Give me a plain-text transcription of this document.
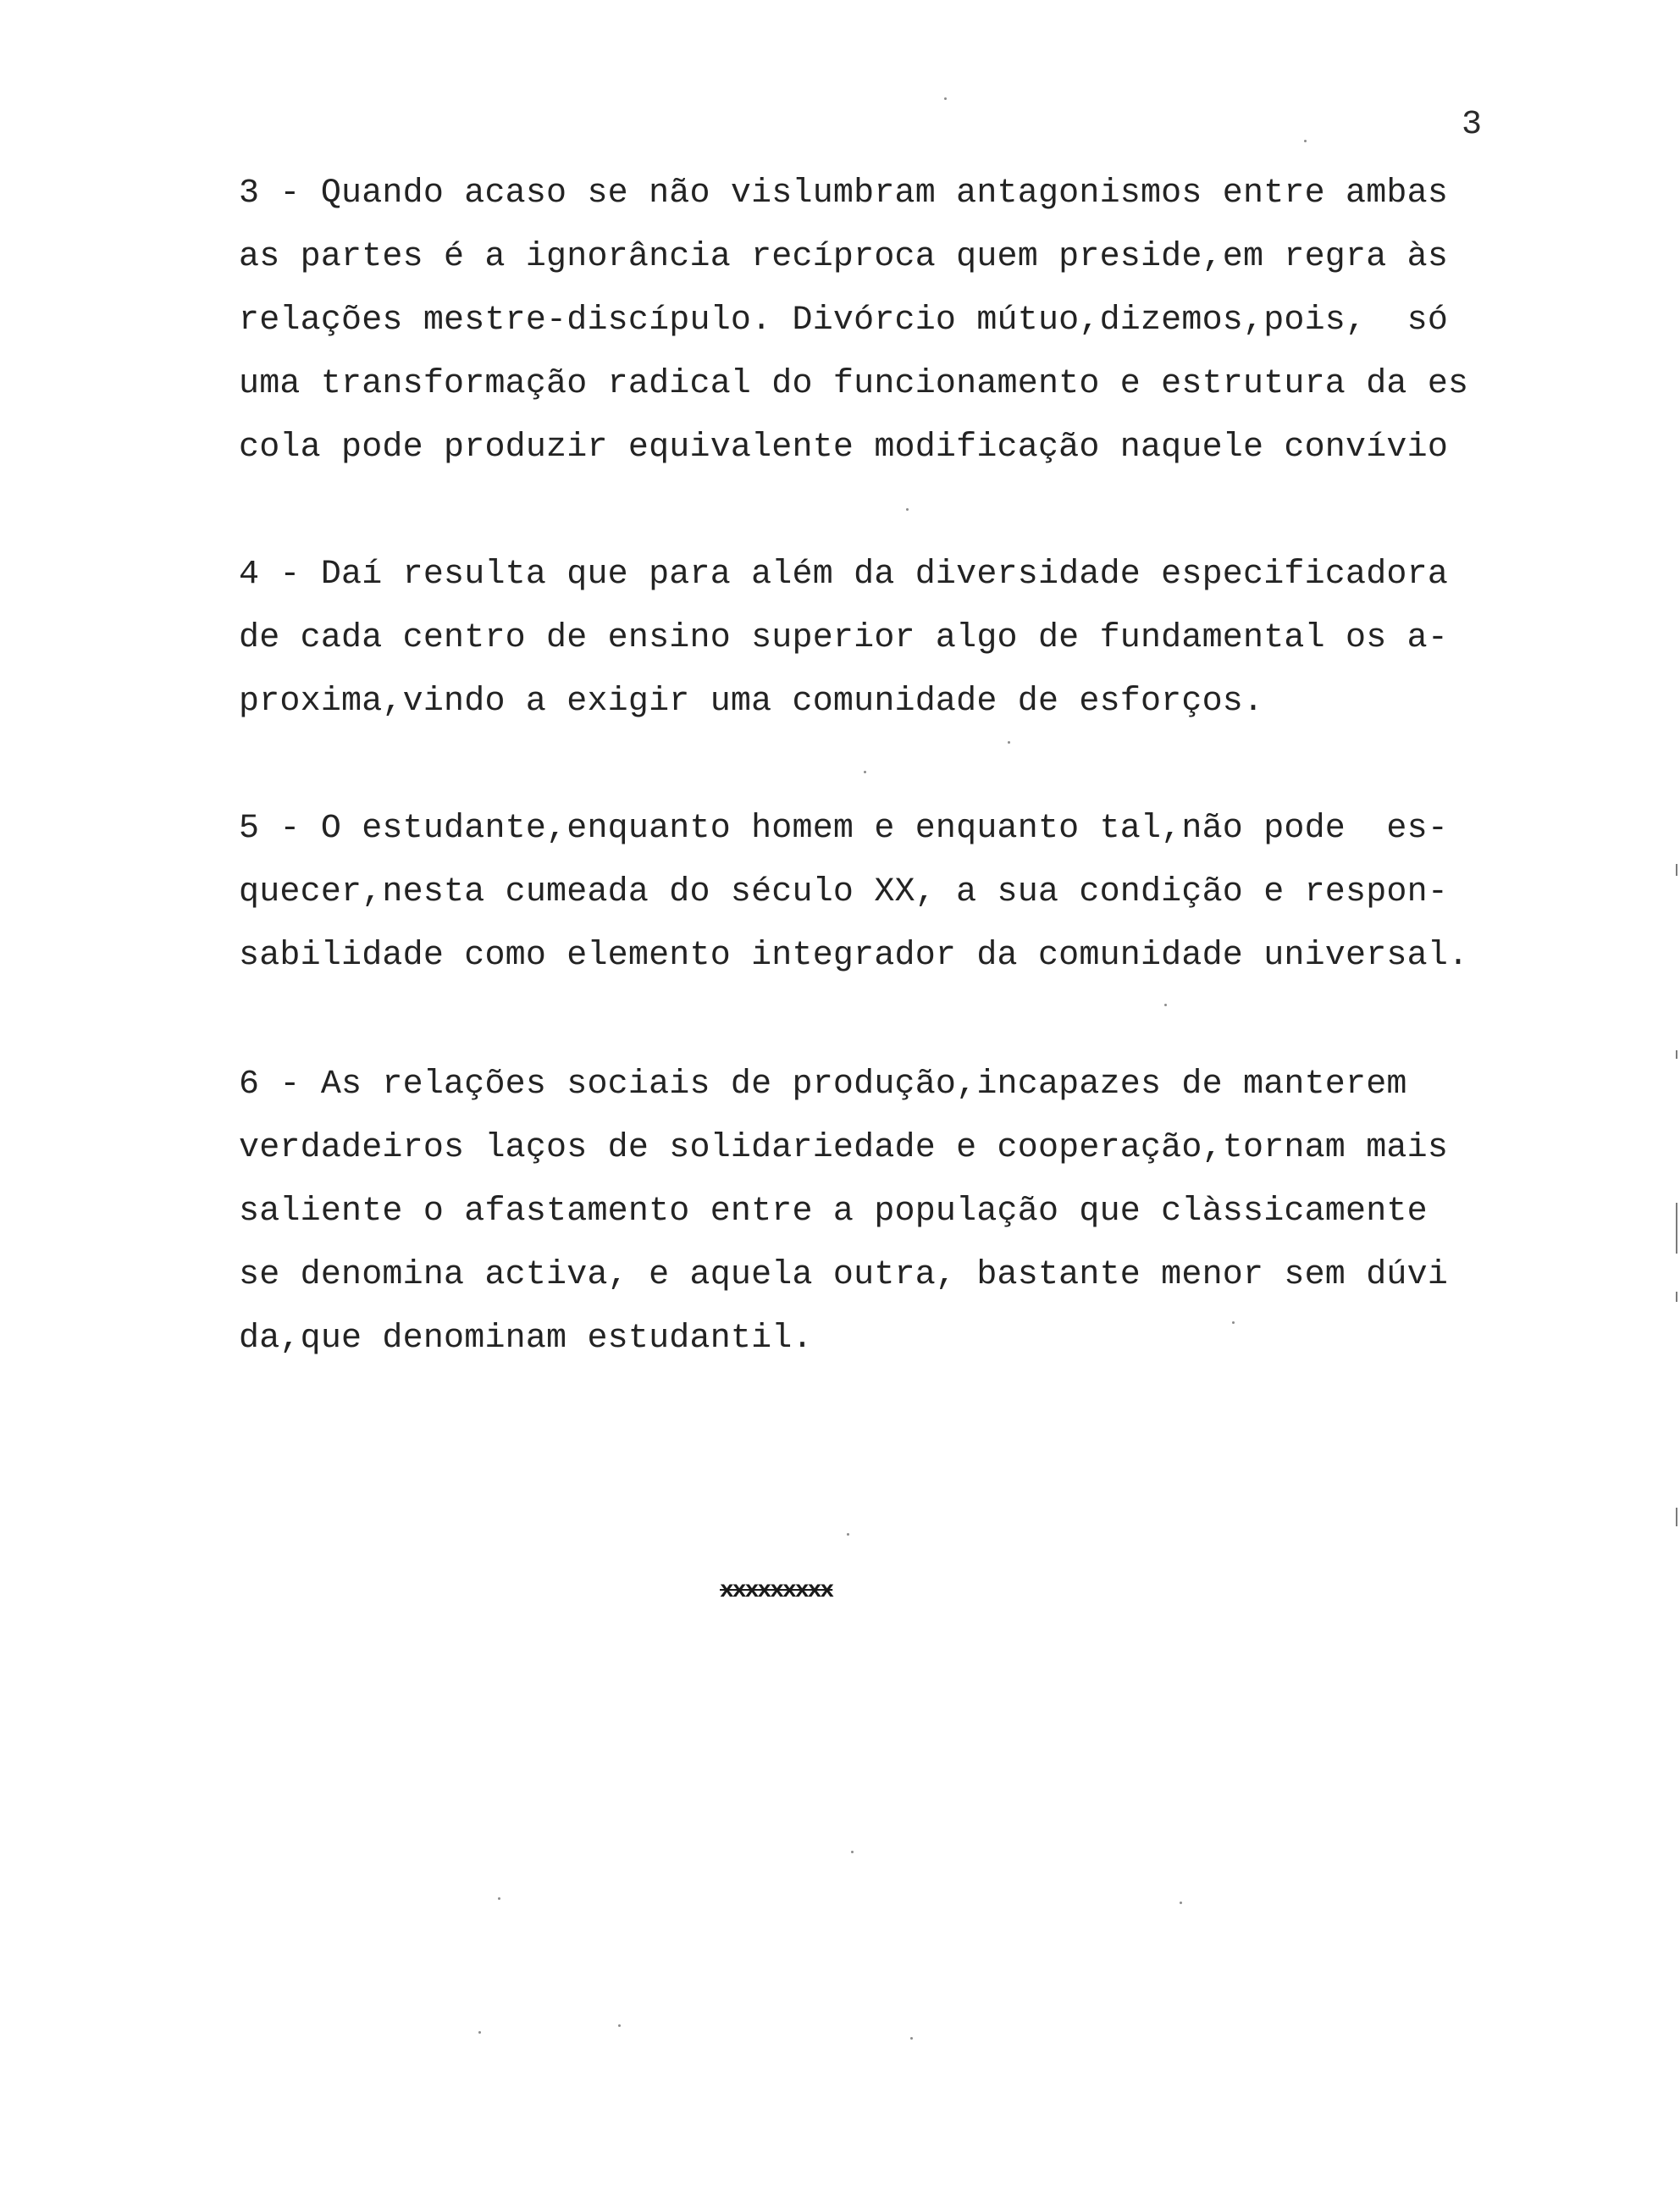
3
3 - Quando acaso se não vislumbram antagonismos entre ambas
as partes é a ignorância recíproca quem preside,em regra às
relações mestre-discípulo. Divórcio mútuo,dizemos,pois,  só
uma transformação radical do funcionamento e estrutura da es
cola pode produzir equivalente modificação naquele convívio
4 - Daí resulta que para além da diversidade especificadora
de cada centro de ensino superior algo de fundamental os a-
proxima,vindo a exigir uma comunidade de esforços.
5 - O estudante,enquanto homem e enquanto tal,não pode  es-
quecer,nesta cumeada do século XX, a sua condição e respon-
sabilidade como elemento integrador da comunidade universal.
6 - As relações sociais de produção,incapazes de manterem
verdadeiros laços de solidariedade e cooperação,tornam mais
saliente o afastamento entre a população que clàssicamente
se denomina activa, e aquela outra, bastante menor sem dúvi
da,que denominam estudantil.
xxxxxxxxx
